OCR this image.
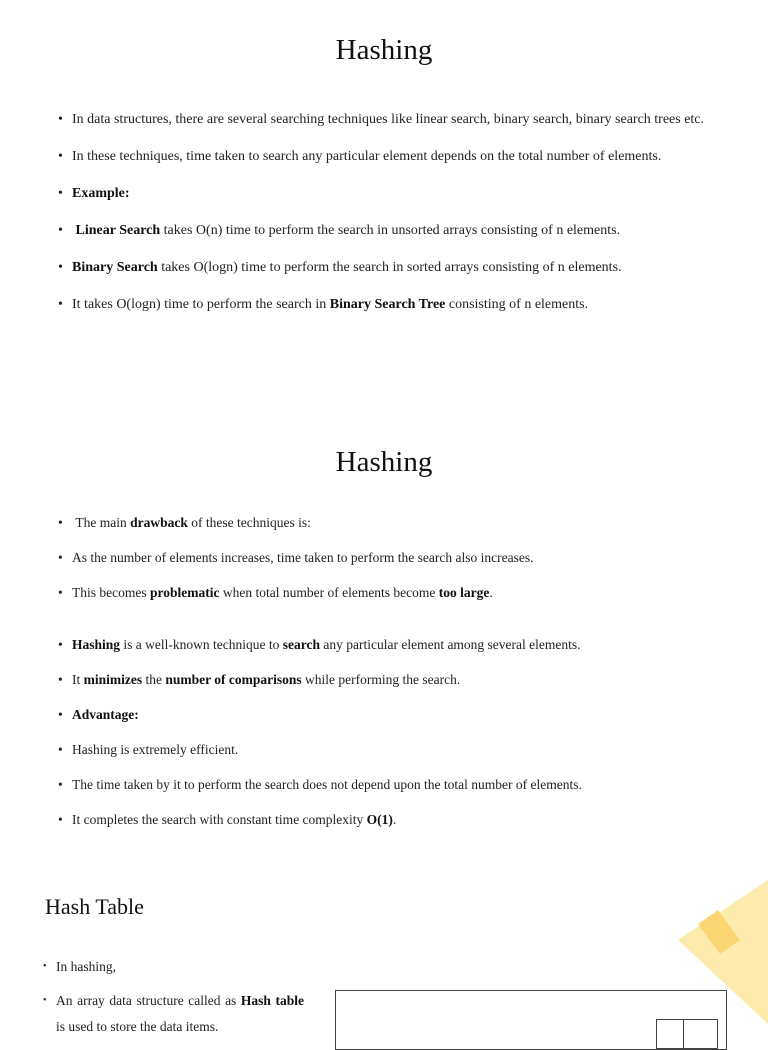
Hashing
• In data structures, there are several searching techniques like linear search, binary search, binary search trees etc.
• In these techniques, time taken to search any particular element depends on the total number of elements.
• Example:
• Linear Search takes O(n) time to perform the search in unsorted arrays consisting of n elements.
• Binary Search takes O(logn) time to perform the search in sorted arrays consisting of n elements.
• It takes O(logn) time to perform the search in Binary Search Tree consisting of n elements.
Hashing
• The main drawback of these techniques is:
• As the number of elements increases, time taken to perform the search also increases.
• This becomes problematic when total number of elements become too large.
• Hashing is a well-known technique to search any particular element among several elements.
• It minimizes the number of comparisons while performing the search.
• Advantage:
• Hashing is extremely efficient.
• The time taken by it to perform the search does not depend upon the total number of elements.
• It completes the search with constant time complexity O(1).
Hash Table
• In hashing,
• An array data structure called as Hash table is used to store the data items.
